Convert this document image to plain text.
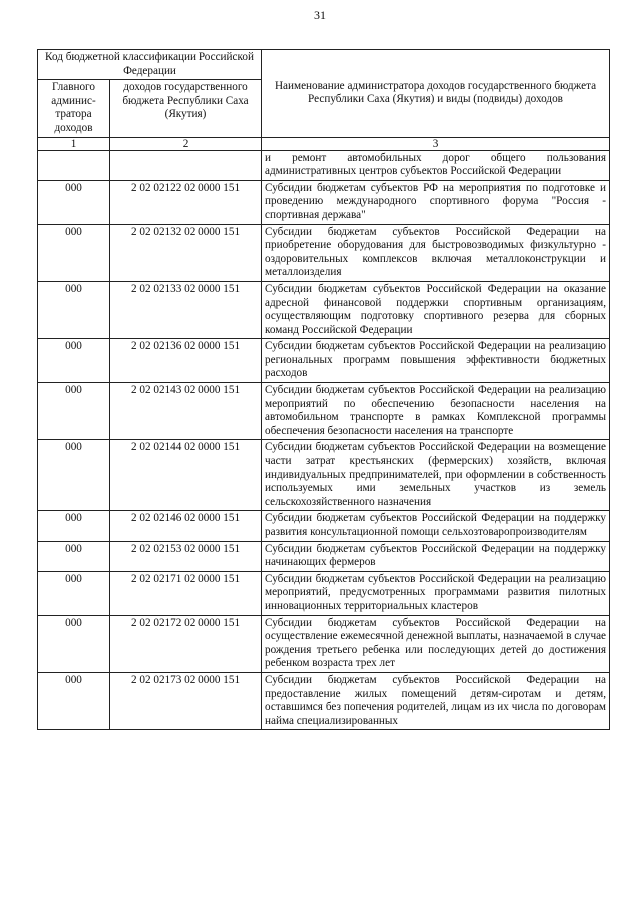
31
Код бюджетной классификации Российской Федерации		Наименование администратора доходов государственного бюджета Республики Саха (Якутия) и виды (подвиды) доходов
Главного админис-тратора доходов	доходов государственного бюджета Республики Саха (Якутия)	
1	2	3
		и ремонт автомобильных дорог общего пользования административных центров субъектов Российской Федерации
000	2 02 02122 02 0000 151	Субсидии бюджетам субъектов РФ на мероприятия по подготовке и проведению международного спортивного форума "Россия - спортивная держава"
000	2 02 02132 02 0000 151	Субсидии бюджетам субъектов Российской Федерации на приобретение оборудования для быстровозводимых физкультурно - оздоровительных комплексов включая металлоконструкции и металлоизделия
000	2 02 02133 02 0000 151	Субсидии бюджетам субъектов Российской Федерации на оказание адресной финансовой поддержки спортивным организациям, осуществляющим подготовку спортивного резерва для сборных команд Российской Федерации
000	2 02 02136 02 0000 151	Субсидии бюджетам субъектов Российской Федерации на реализацию региональных программ повышения эффективности бюджетных расходов
000	2 02 02143 02 0000 151	Субсидии бюджетам субъектов Российской Федерации на реализацию мероприятий по обеспечению безопасности населения на автомобильном транспорте в рамках Комплексной программы обеспечения безопасности населения на транспорте
000	2 02 02144 02 0000 151	Субсидии бюджетам субъектов Российской Федерации на возмещение части затрат крестьянских (фермерских) хозяйств, включая индивидуальных предпринимателей, при оформлении в собственность используемых ими земельных участков из земель сельскохозяйственного назначения
000	2 02 02146 02 0000 151	Субсидии бюджетам субъектов Российской Федерации на поддержку развития консультационной помощи сельхозтоваропроизводителям
000	2 02 02153 02 0000 151	Субсидии бюджетам субъектов Российской Федерации на поддержку начинающих фермеров
000	2 02 02171 02 0000 151	Субсидии бюджетам субъектов Российской Федерации на реализацию мероприятий, предусмотренных программами развития пилотных инновационных территориальных кластеров
000	2 02 02172 02 0000 151	Субсидии бюджетам субъектов Российской Федерации на осуществление ежемесячной денежной выплаты, назначаемой в случае рождения третьего ребенка или последующих детей до достижения ребенком возраста трех лет
000	2 02 02173 02 0000 151	Субсидии бюджетам субъектов Российской Федерации на предоставление жилых помещений детям-сиротам и детям, оставшимся без попечения родителей, лицам из их числа по договорам найма специализированных
